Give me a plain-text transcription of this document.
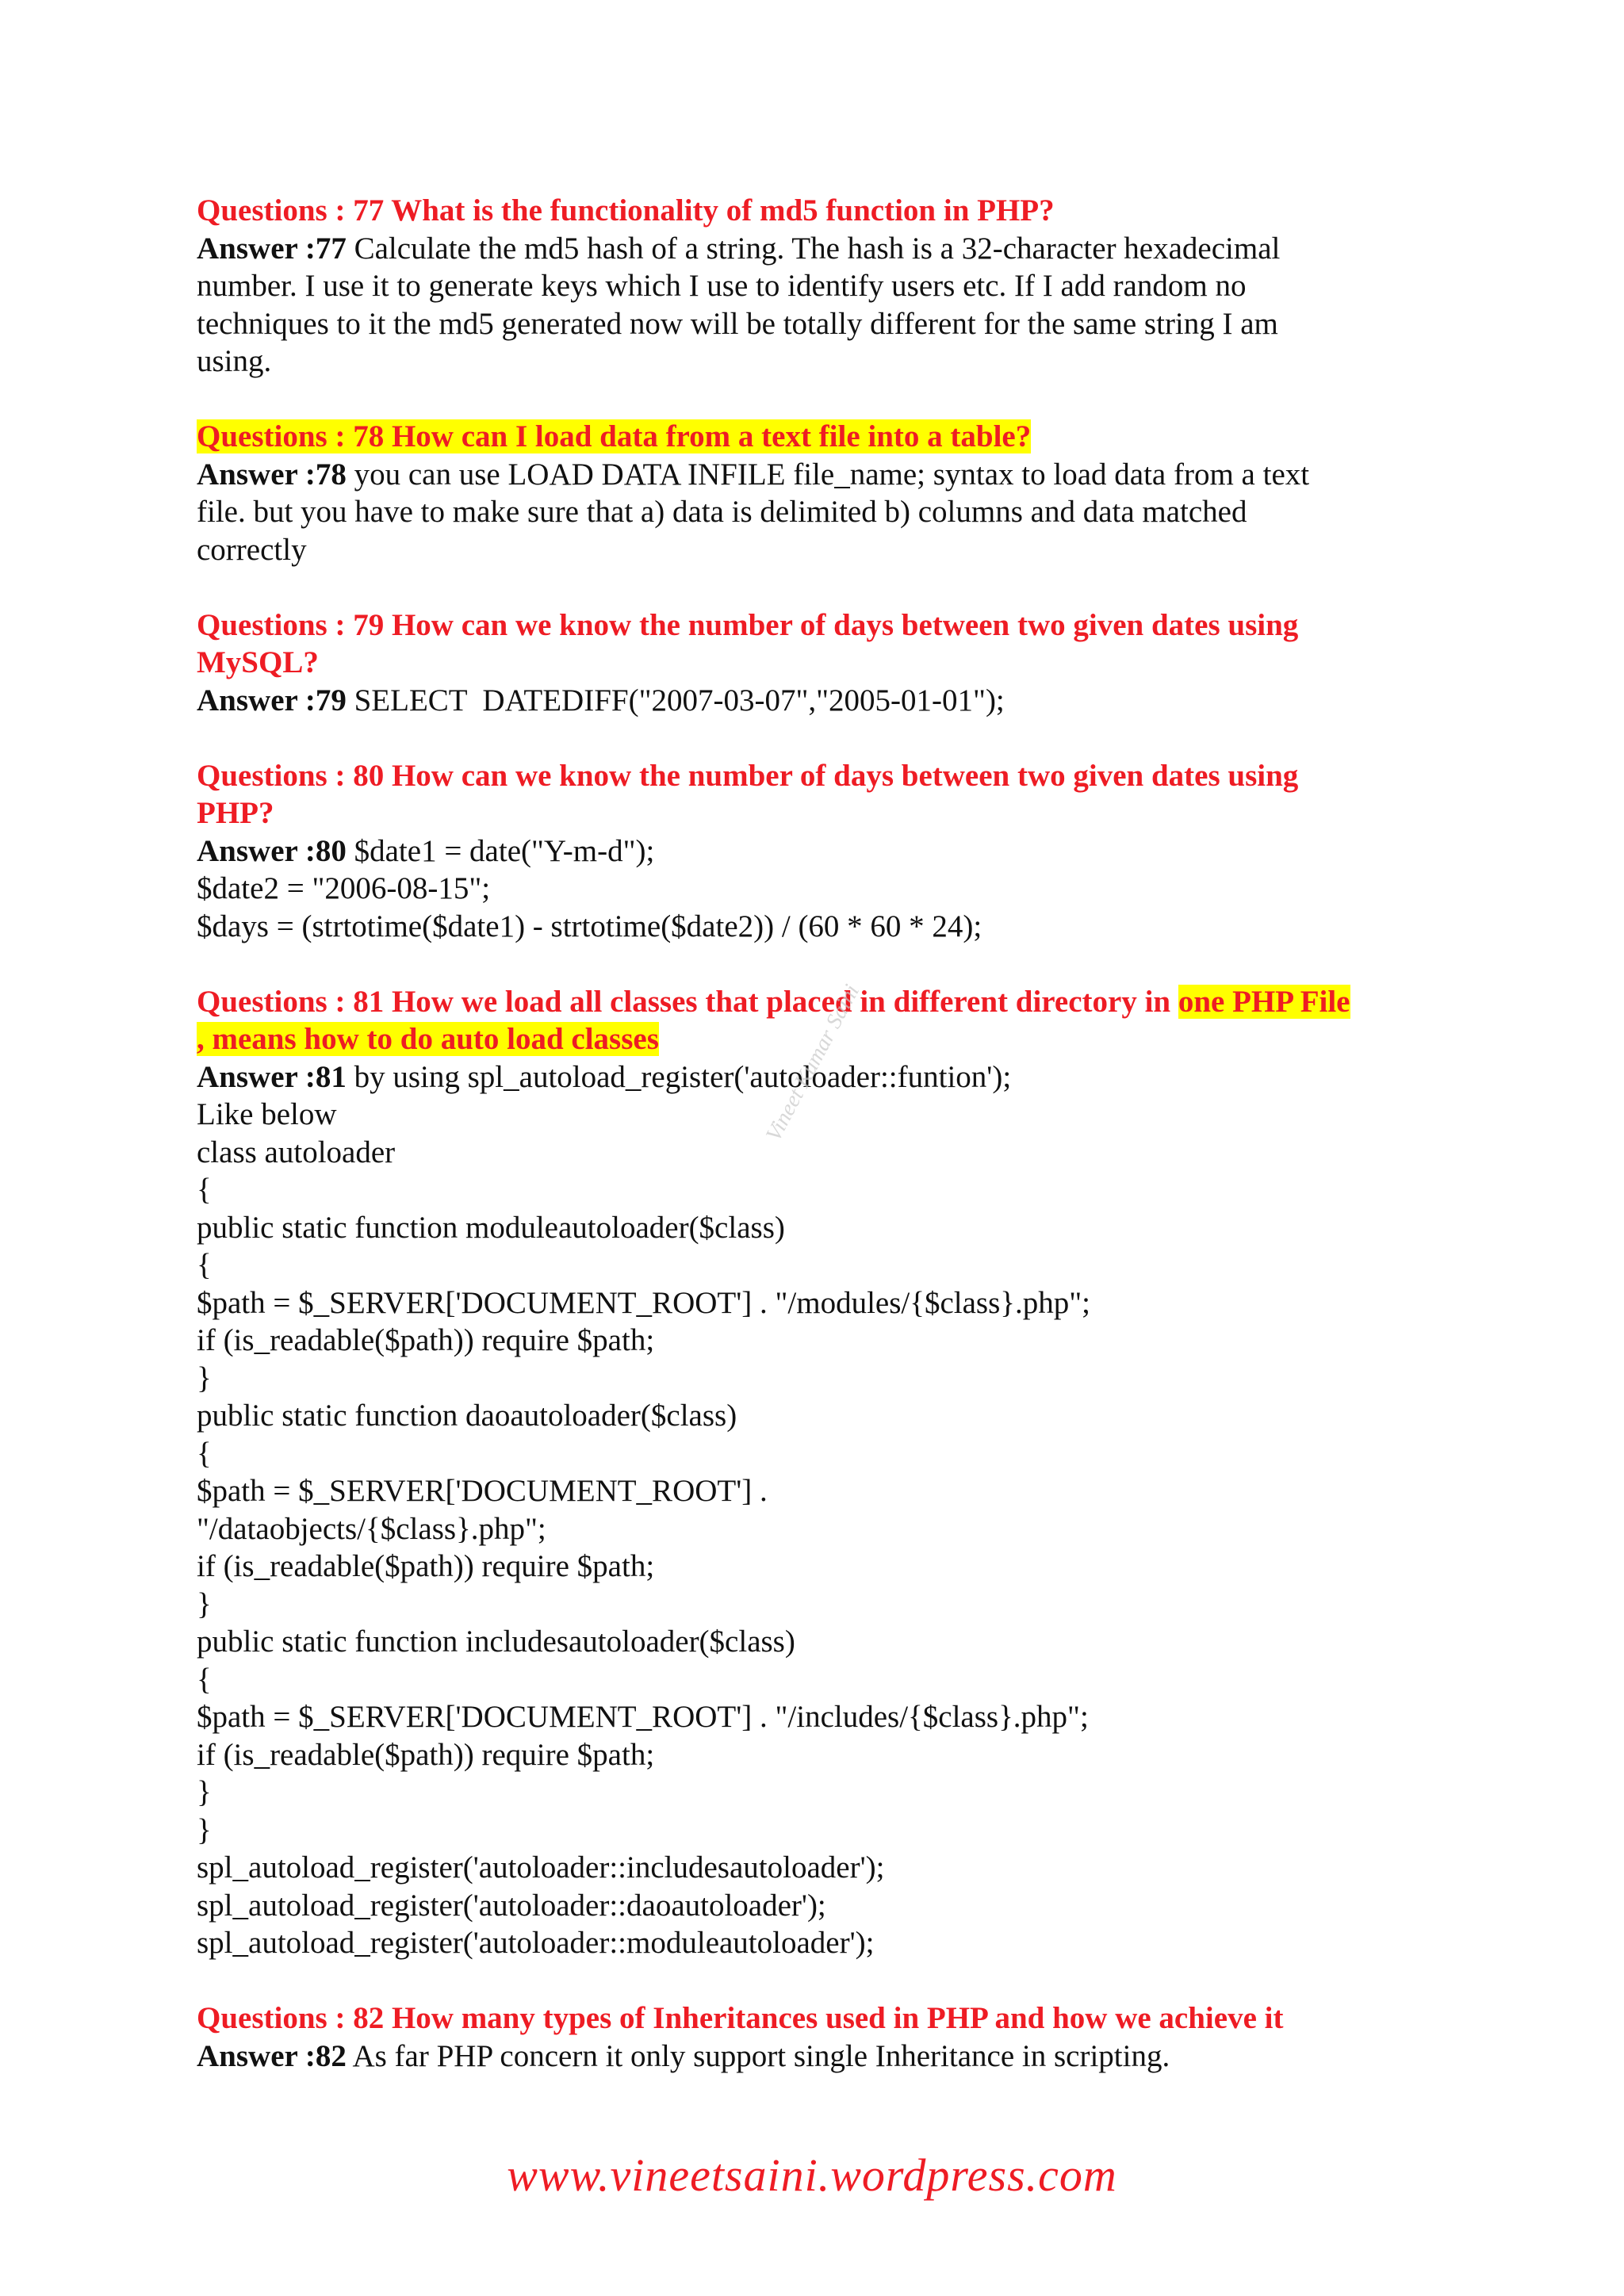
Questions : 77 What is the functionality of md5 function in PHP?
Answer :77 Calculate the md5 hash of a string. The hash is a 32-character hexadecimal
number. I use it to generate keys which I use to identify users etc. If I add random no
techniques to it the md5 generated now will be totally different for the same string I am
using.
Questions : 78 How can I load data from a text file into a table?
Answer :78 you can use LOAD DATA INFILE file_name; syntax to load data from a text
file. but you have to make sure that a) data is delimited b) columns and data matched
correctly
Questions : 79 How can we know the number of days between two given dates using
MySQL?
Answer :79 SELECT  DATEDIFF("2007-03-07","2005-01-01");
Questions : 80 How can we know the number of days between two given dates using
PHP?
Answer :80 $date1 = date("Y-m-d");
$date2 = "2006-08-15";
$days = (strtotime($date1) - strtotime($date2)) / (60 * 60 * 24);
Questions : 81 How we load all classes that placed in different directory in one PHP File
, means how to do auto load classes
Answer :81 by using spl_autoload_register('autoloader::funtion');
Like below
class autoloader
{
public static function moduleautoloader($class)
{
$path = $_SERVER['DOCUMENT_ROOT'] . "/modules/{$class}.php";
if (is_readable($path)) require $path;
}
public static function daoautoloader($class)
{
$path = $_SERVER['DOCUMENT_ROOT'] .
"/dataobjects/{$class}.php";
if (is_readable($path)) require $path;
}
public static function includesautoloader($class)
{
$path = $_SERVER['DOCUMENT_ROOT'] . "/includes/{$class}.php";
if (is_readable($path)) require $path;
}
}
spl_autoload_register('autoloader::includesautoloader');
spl_autoload_register('autoloader::daoautoloader');
spl_autoload_register('autoloader::moduleautoloader');
Questions : 82 How many types of Inheritances used in PHP and how we achieve it
Answer :82 As far PHP concern it only support single Inheritance in scripting.
Vineet Kumar Saini
www.vineetsaini.wordpress.com
